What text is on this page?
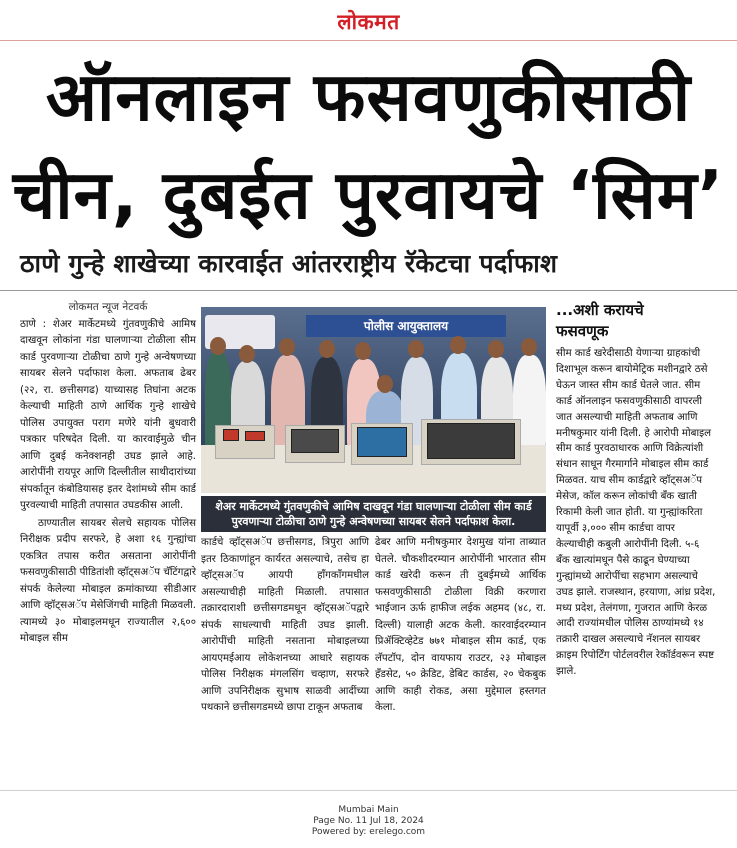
लोकमत
ऑनलाइन फसवणुकीसाठी
चीन, दुबईत पुरवायचे ‘सिम’
ठाणे गुन्हे शाखेच्या कारवाईत आंतरराष्ट्रीय रॅकेटचा पर्दाफाश
लोकमत न्यूज नेटवर्क

ठाणे : शेअर मार्केटमध्ये गुंतवणुकीचे आमिष दाखवून लोकांना गंडा घालणाऱ्या टोळीला सीम कार्ड पुरवणाऱ्या टोळीचा ठाणे गुन्हे अन्वेषणच्या सायबर सेलने पर्दाफाश केला. अफताब ढेबर (२२, रा. छत्तीसगढ) याच्यासह तिघांना अटक केल्याची माहिती ठाणे आर्थिक गुन्हे शाखेचे पोलिस उपायुक्त पराग मणेरे यांनी बुधवारी पत्रकार परिषदेत दिली. या कारवाईमुळे चीन आणि दुबई कनेक्शनही उघड झाले आहे. आरोपींनी रायपूर आणि दिल्लीतील साथीदारांच्या संपर्कातून कंबोडियासह इतर देशांमध्ये सीम कार्ड पुरवल्याची माहिती तपासात उघडकीस आली.

ठाण्यातील सायबर सेलचे सहायक पोलिस निरीक्षक प्रदीप सरफरे, हे अशा १६ गुन्ह्यांचा एकत्रित तपास करीत असताना आरोपींनी फसवणुकीसाठी पीडितांशी व्हॉट्सअॅप चॅटिंगद्वारे संपर्क केलेल्या मोबाइल क्रमांकाच्या सीडीआर आणि व्हॉट्सअॅप मेसेजिंगची माहिती मिळवली. त्यामध्ये ३० मोबाइलमधून राज्यातील २,६०० मोबाइल सीम

पोलीस आयुक्तालय
शेअर मार्केटमध्ये गुंतवणुकीचे आमिष दाखवून गंडा घालणाऱ्या टोळीला सीम कार्ड पुरवणाऱ्या टोळीचा ठाणे गुन्हे अन्वेषणच्या सायबर सेलने पर्दाफाश केला.

कार्डचे व्हॉट्सअॅप छत्तीसगड, त्रिपुरा आणि इतर ठिकाणांहून कार्यरत असल्याचे, तसेच हा व्हॉट्सअॅप आयपी हाँगकाँगमधील असल्याचीही माहिती मिळाली. तपासात तक्रारदाराशी छत्तीसगडमधून व्हॉट्सअॅपद्वारे संपर्क साधल्याची माहिती उघड झाली. आरोपींची माहिती नसताना मोबाइलच्या आयएमईआय लोकेशनच्या आधारे सहायक पोलिस निरीक्षक मंगलसिंग चव्हाण, सरफरे आणि उपनिरीक्षक सुभाष साळवी आदींच्या पथकाने छत्तीसगडमध्ये छापा टाकून अफताब

ढेबर आणि मनीषकुमार देशमुख यांना ताब्यात घेतले. चौकशीदरम्यान आरोपींनी भारतात सीम कार्ड खरेदी करून ती दुबईमध्ये आर्थिक फसवणुकीसाठी टोळीला विक्री करणारा भाईजान ऊर्फ हाफीज लईक अहमद (४८, रा. दिल्ली) यालाही अटक केली. कारवाईदरम्यान प्रिॲक्टिव्हेटेड ७७१ मोबाइल सीम कार्ड, एक लॅपटॉप, दोन वायफाय राउटर, २३ मोबाइल हँडसेट, ५० क्रेडिट, डेबिट कार्डस, २० चेकबुक आणि काही रोकड, असा मुद्देमाल हस्तगत केला.

...अशी करायचे
फसवणूक
सीम कार्ड खरेदीसाठी येणाऱ्या ग्राहकांची दिशाभूल करून बायोमेट्रिक मशीनद्वारे ठसे घेऊन जास्त सीम कार्ड घेतले जात. सीम कार्ड ऑनलाइन फसवणुकीसाठी वापरली जात असल्याची माहिती अफताब आणि मनीषकुमार यांनी दिली. हे आरोपी मोबाइल सीम कार्ड पुरवठाधारक आणि विक्रेत्यांशी संधान साधून गैरमार्गाने मोबाइल सीम कार्ड मिळवत. याच सीम कार्डद्वारे व्हॉट्सअॅप मेसेज, कॉल करून लोकांची बँक खाती रिकामी केली जात होती. या गुन्ह्यांकरिता यापूर्वी ३,००० सीम कार्डचा वापर केल्याचीही कबुली आरोपींनी दिली. ५-६ बँक खात्यांमधून पैसे काढून घेण्याच्या गुन्ह्यांमध्ये आरोपींचा सहभाग असल्याचे उघड झाले. राजस्थान, हरयाणा, आंध्र प्रदेश, मध्य प्रदेश, तेलंगणा, गुजरात आणि केरळ आदी राज्यांमधील पोलिस ठाण्यांमध्ये १४ तक्रारी दाखल असल्याचे नॅशनल सायबर क्राइम रिपोर्टिंग पोर्टलवरील रेकॉर्डवरून स्पष्ट झाले.
Mumbai Main
Page No. 11 Jul 18, 2024
Powered by: erelego.com
